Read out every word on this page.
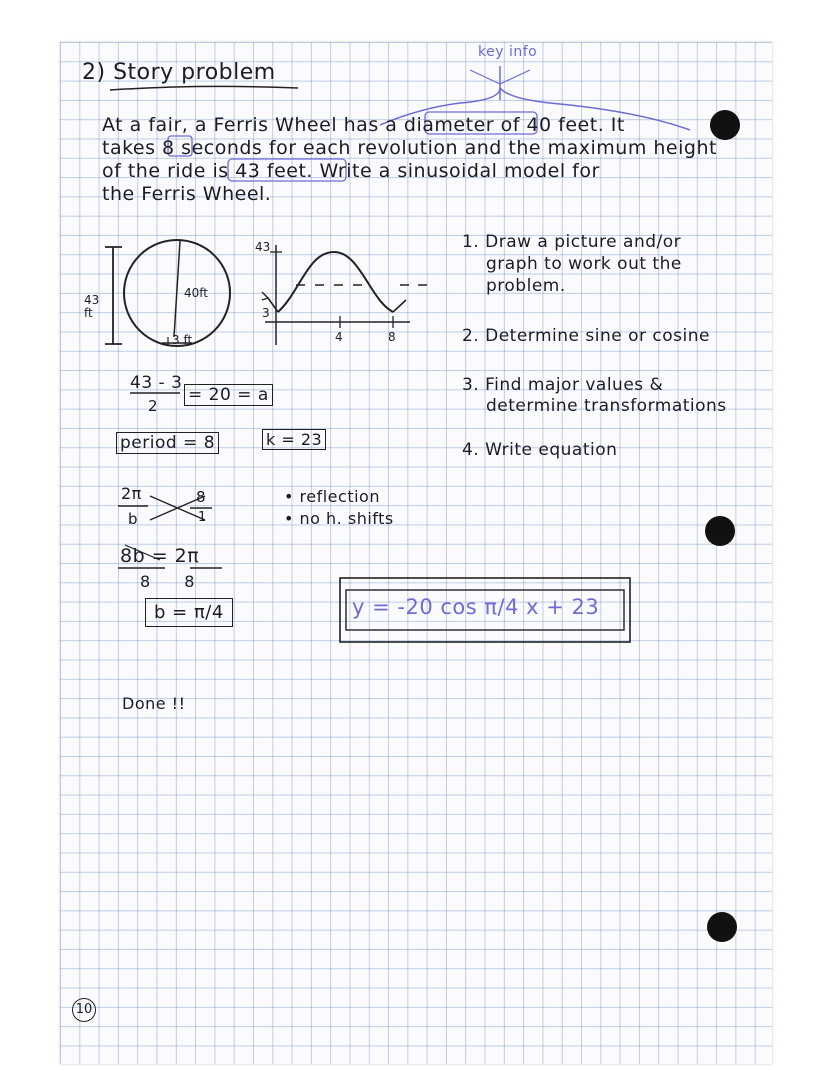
2) Story problem
key info
At a fair, a Ferris Wheel has a diameter of 40 feet. It
takes 8 seconds for each revolution and the maximum height
of the ride is 43 feet. Write a sinusoidal model for
the Ferris Wheel.
43 ft
40ft
3 ft
43
3
4	8
1. Draw a picture and/or
graph to work out the
problem.
2. Determine sine or cosine
3. Find major values &
determine transformations
4. Write equation
43 - 3
2
= 20 = a
period = 8	k = 23
• reflection
• no h. shifts
2π
b
8
1
8b = 2π
8      8
b = π/4
Done !!
y = -20 cos π/4 x + 23
10
